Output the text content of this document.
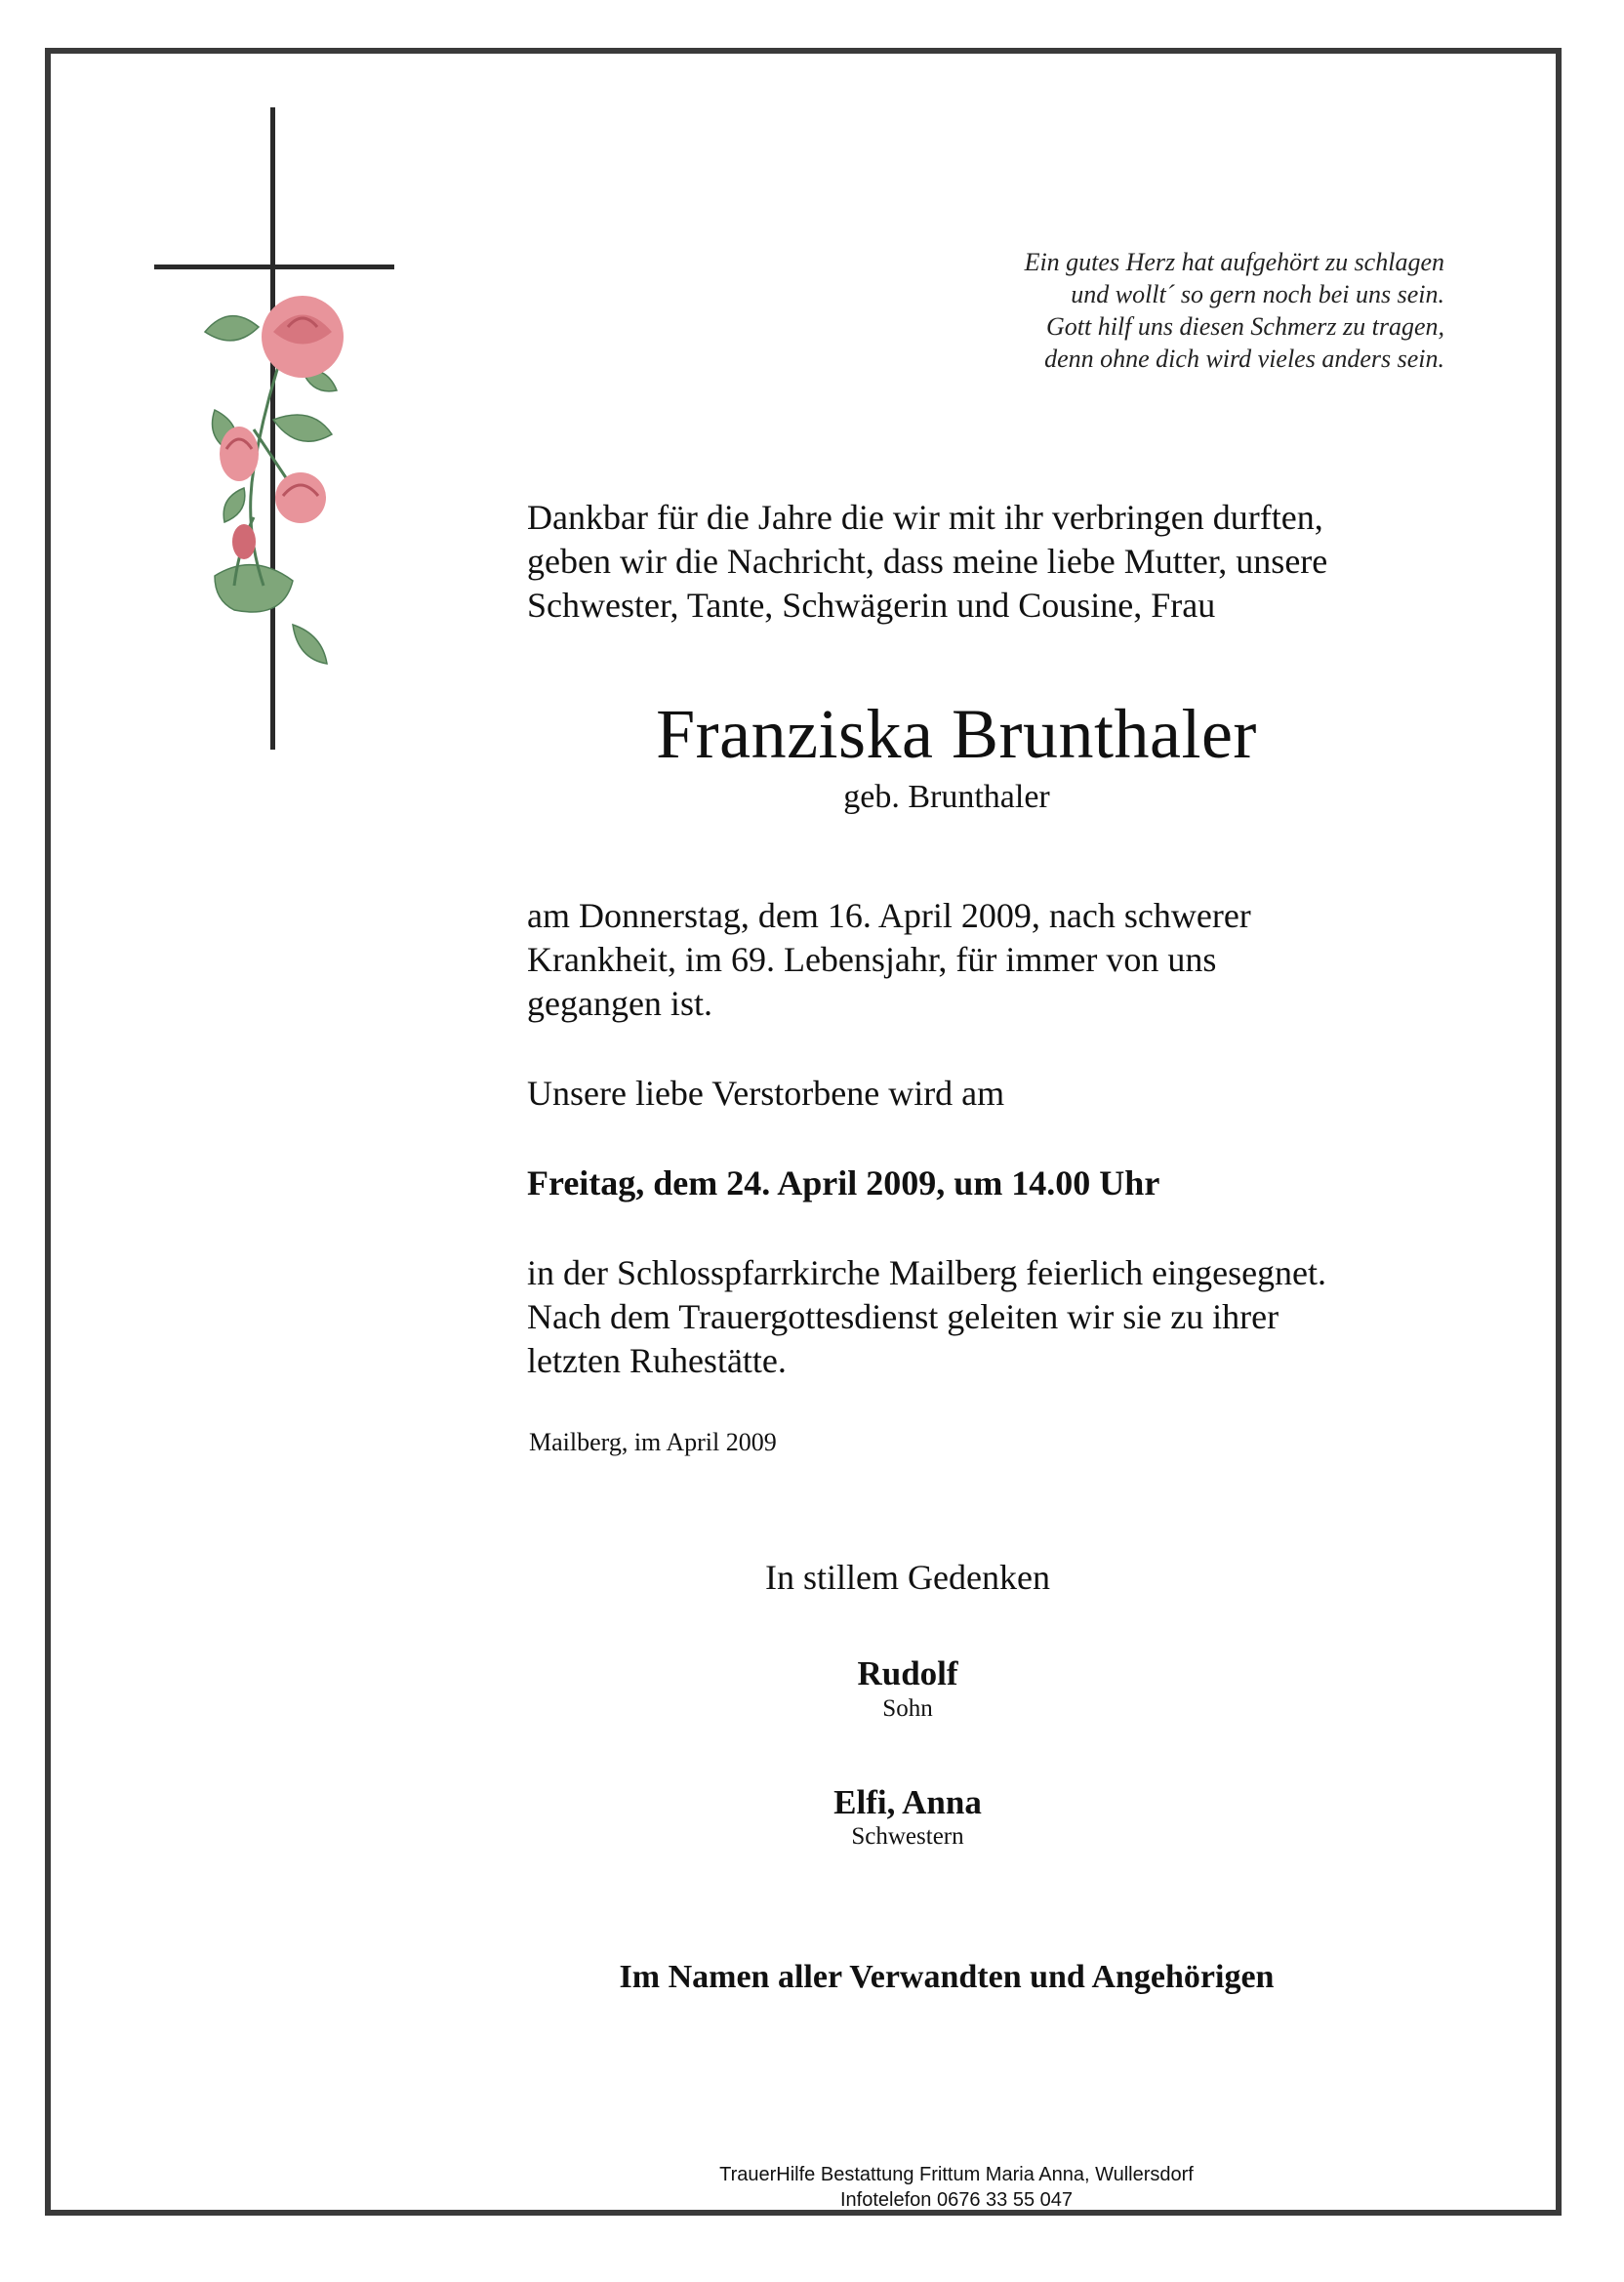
Ein gutes Herz hat aufgehört zu schlagen
und wollt´ so gern noch bei uns sein.
Gott hilf uns diesen Schmerz zu tragen,
denn ohne dich wird vieles anders sein.
Dankbar für die Jahre die wir mit ihr verbringen durften,
geben wir die Nachricht, dass meine liebe Mutter, unsere
Schwester, Tante, Schwägerin und Cousine, Frau
Franziska Brunthaler
geb. Brunthaler
am Donnerstag, dem 16. April 2009, nach schwerer
Krankheit, im 69. Lebensjahr, für immer von uns
gegangen ist.
Unsere liebe Verstorbene wird am
Freitag, dem 24. April 2009, um 14.00 Uhr
in der Schlosspfarrkirche Mailberg feierlich eingesegnet.
Nach dem Trauergottesdienst geleiten wir sie zu ihrer
letzten Ruhestätte.
Mailberg, im April 2009
In stillem Gedenken
Rudolf
Sohn
Elfi, Anna
Schwestern
Im Namen aller Verwandten und Angehörigen
TrauerHilfe Bestattung Frittum Maria Anna, Wullersdorf
Infotelefon 0676 33 55 047
